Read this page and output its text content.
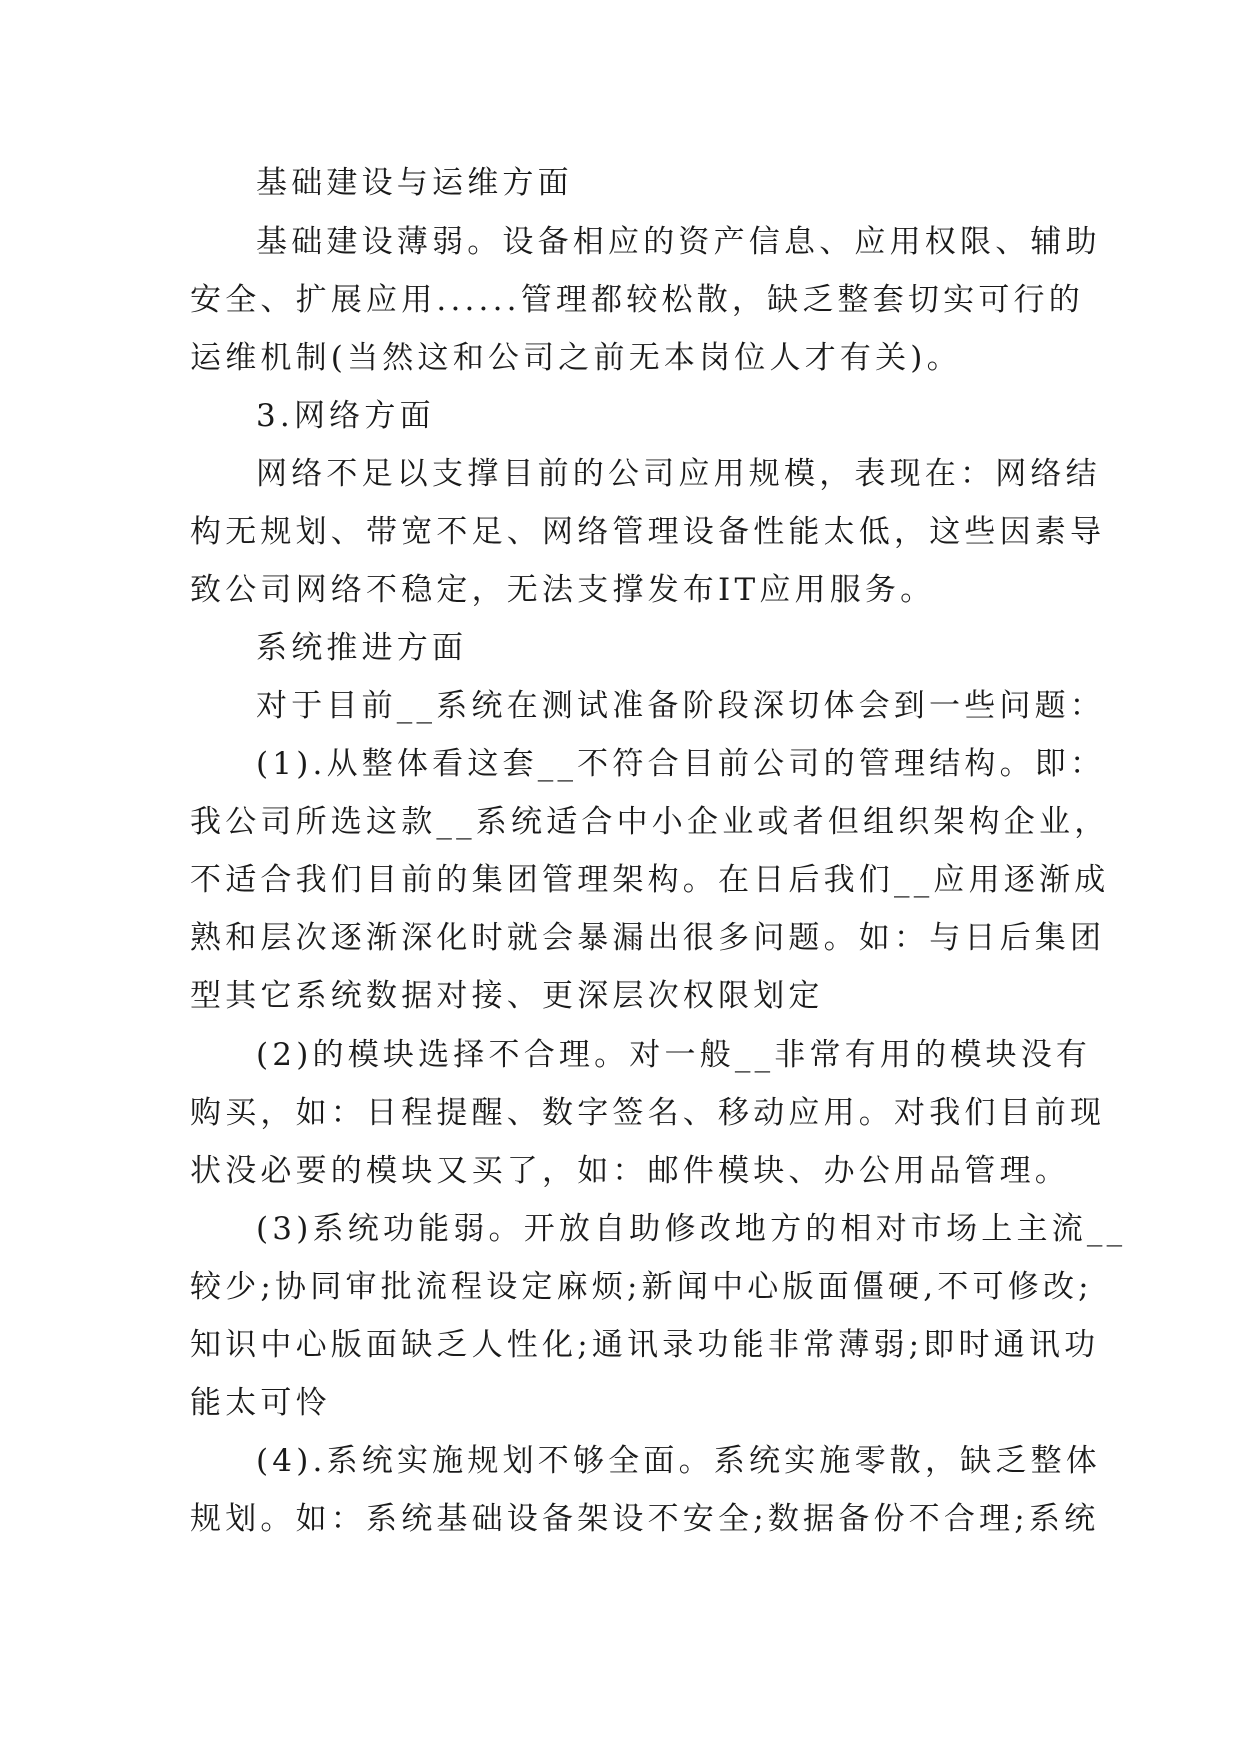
基础建设与运维方面
基础建设薄弱。设备相应的资产信息、应用权限、辅助
安全、扩展应用......管理都较松散，缺乏整套切实可行的
运维机制(当然这和公司之前无本岗位人才有关)。
3.网络方面
网络不足以支撑目前的公司应用规模，表现在：网络结
构无规划、带宽不足、网络管理设备性能太低，这些因素导
致公司网络不稳定，无法支撑发布IT应用服务。
系统推进方面
对于目前__系统在测试准备阶段深切体会到一些问题：
(1).从整体看这套__不符合目前公司的管理结构。即：
我公司所选这款__系统适合中小企业或者但组织架构企业，
不适合我们目前的集团管理架构。在日后我们__应用逐渐成
熟和层次逐渐深化时就会暴漏出很多问题。如：与日后集团
型其它系统数据对接、更深层次权限划定
(2)的模块选择不合理。对一般__非常有用的模块没有
购买，如：日程提醒、数字签名、移动应用。对我们目前现
状没必要的模块又买了，如：邮件模块、办公用品管理。
(3)系统功能弱。开放自助修改地方的相对市场上主流__
较少;协同审批流程设定麻烦;新闻中心版面僵硬,不可修改;
知识中心版面缺乏人性化;通讯录功能非常薄弱;即时通讯功
能太可怜
(4).系统实施规划不够全面。系统实施零散，缺乏整体
规划。如：系统基础设备架设不安全;数据备份不合理;系统
